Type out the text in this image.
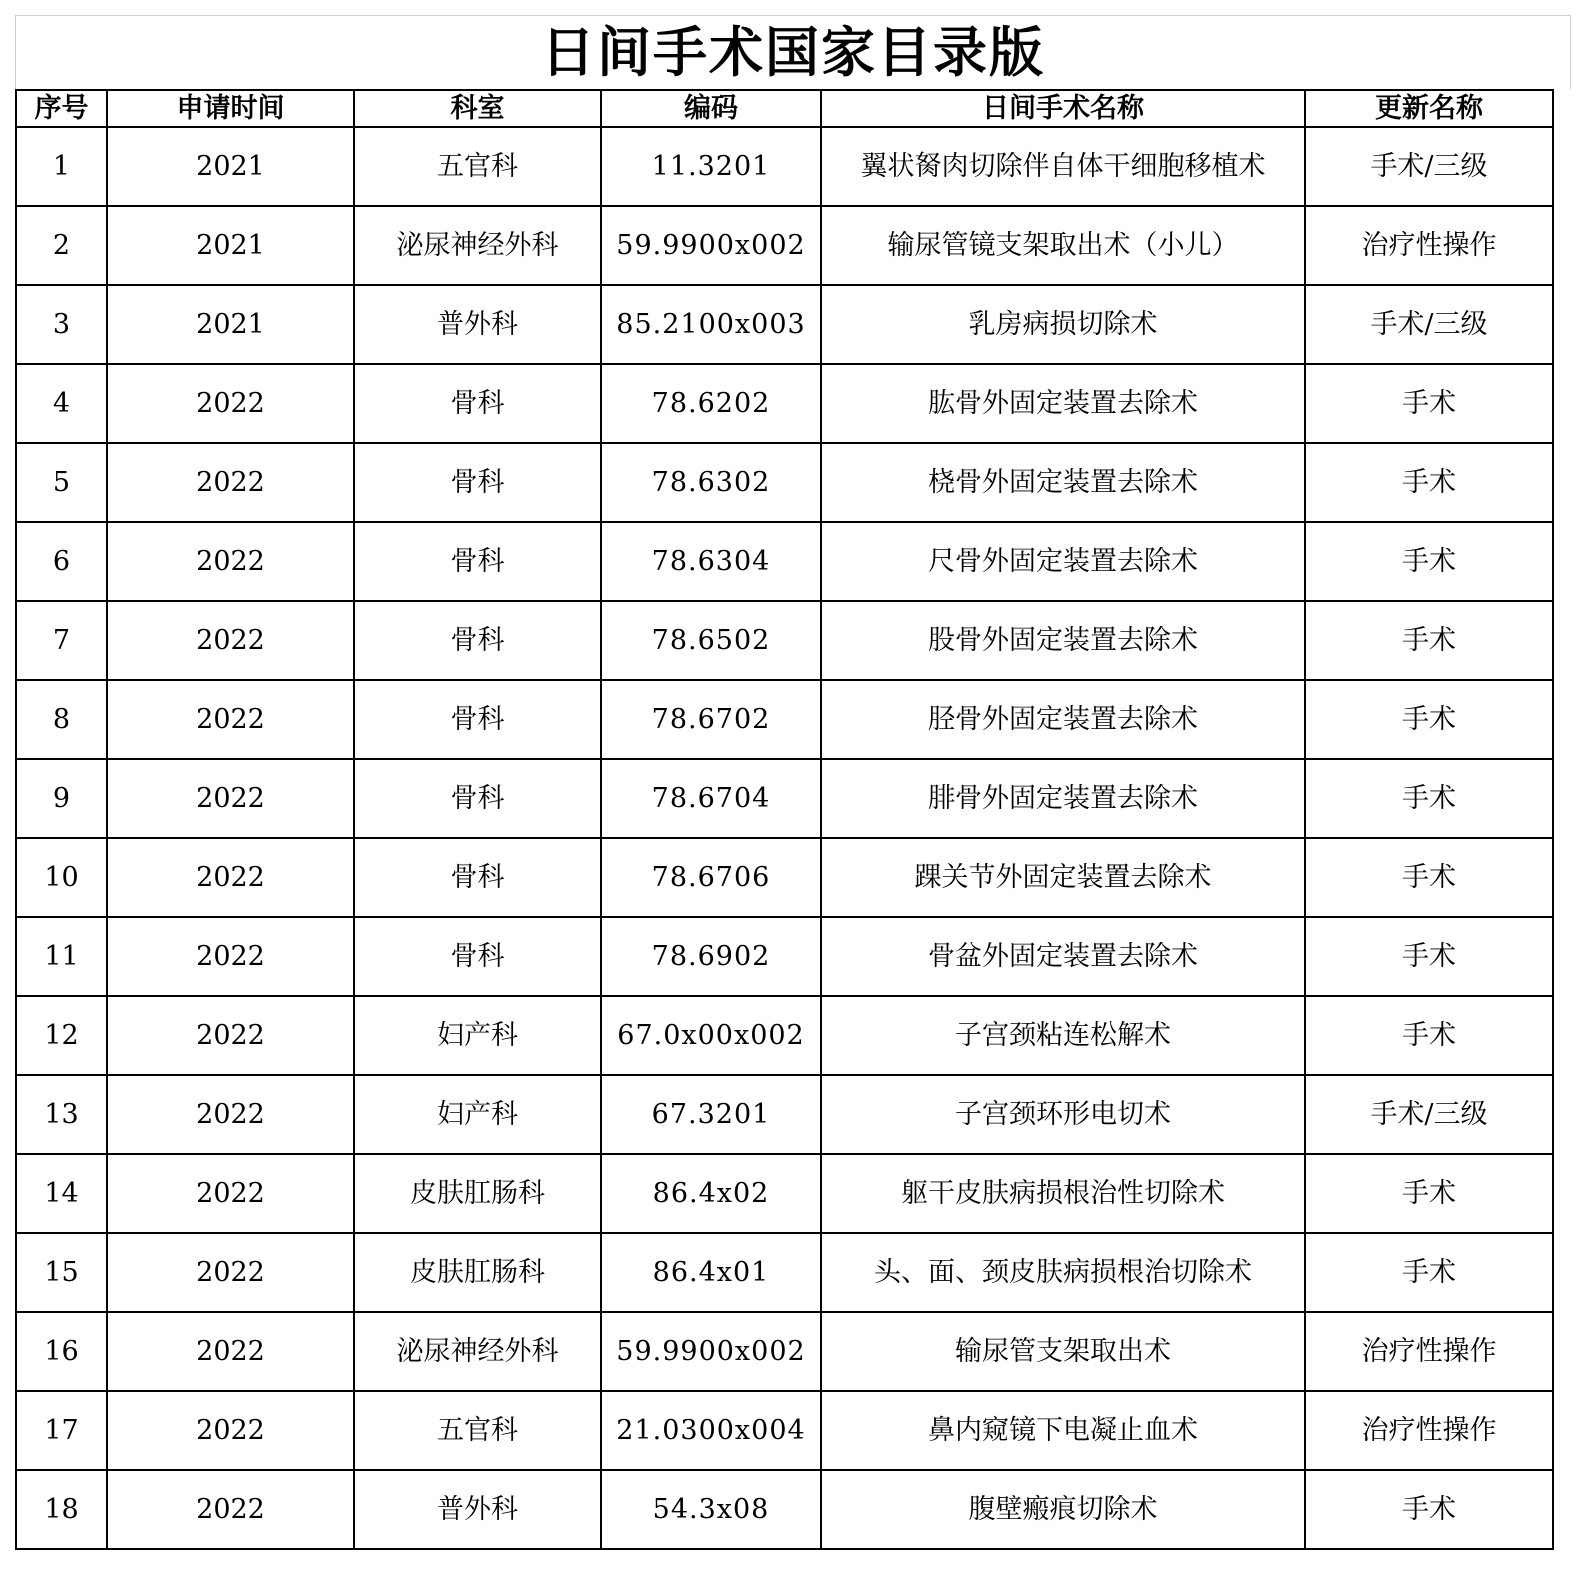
日间手术国家目录版
序号	申请时间	科室	编码	日间手术名称	更新名称
1	2021	五官科	11.3201	翼状胬肉切除伴自体干细胞移植术	手术/三级
2	2021	泌尿神经外科	59.9900x002	输尿管镜支架取出术（小儿）	治疗性操作
3	2021	普外科	85.2100x003	乳房病损切除术	手术/三级
4	2022	骨科	78.6202	肱骨外固定装置去除术	手术
5	2022	骨科	78.6302	桡骨外固定装置去除术	手术
6	2022	骨科	78.6304	尺骨外固定装置去除术	手术
7	2022	骨科	78.6502	股骨外固定装置去除术	手术
8	2022	骨科	78.6702	胫骨外固定装置去除术	手术
9	2022	骨科	78.6704	腓骨外固定装置去除术	手术
10	2022	骨科	78.6706	踝关节外固定装置去除术	手术
11	2022	骨科	78.6902	骨盆外固定装置去除术	手术
12	2022	妇产科	67.0x00x002	子宫颈粘连松解术	手术
13	2022	妇产科	67.3201	子宫颈环形电切术	手术/三级
14	2022	皮肤肛肠科	86.4x02	躯干皮肤病损根治性切除术	手术
15	2022	皮肤肛肠科	86.4x01	头、面、颈皮肤病损根治切除术	手术
16	2022	泌尿神经外科	59.9900x002	输尿管支架取出术	治疗性操作
17	2022	五官科	21.0300x004	鼻内窥镜下电凝止血术	治疗性操作
18	2022	普外科	54.3x08	腹壁瘢痕切除术	手术
